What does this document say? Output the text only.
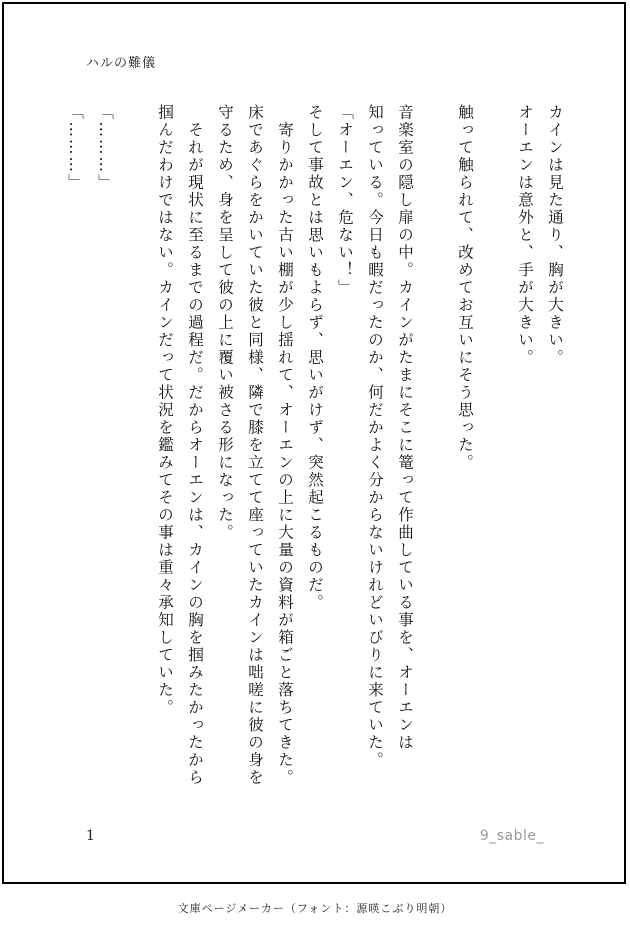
ハルの難儀
カインは見た通り、胸が大きい。
オーエンは意外と、手が大きい。
触って触られて、改めてお互いにそう思った。
音楽室の隠し扉の中。カインがたまにそこに篭って作曲している事を、オーエンは
知っている。今日も暇だったのか、何だかよく分からないけれどいびりに来ていた。
「オーエン、危ない！」
そして事故とは思いもよらず、思いがけず、突然起こるものだ。
　寄りかかった古い棚が少し揺れて、オーエンの上に大量の資料が箱ごと落ちてきた。
床であぐらをかいていた彼と同様、隣で膝を立てて座っていたカインは咄嗟に彼の身を
守るため、身を呈して彼の上に覆い被さる形になった。
　それが現状に至るまでの過程だ。だからオーエンは、カインの胸を掴みたかったから
掴んだわけではない。カインだって状況を鑑みてその事は重々承知していた。
「………」
「………」
1	9_sable_
文庫ページメーカー（フォント：源暎こぶり明朝）
